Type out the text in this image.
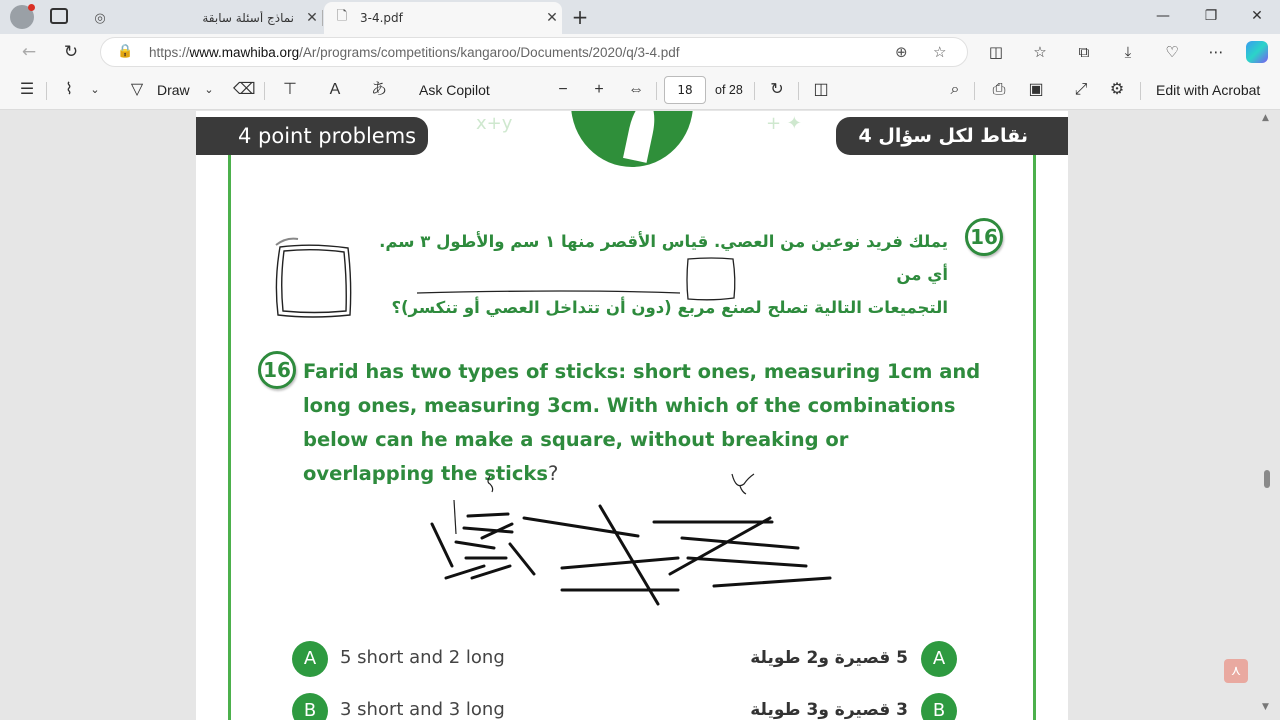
◎	نماذج أسئلة سابقة ✕	🗋	3-4.pdf	✕ +	—	❐	✕
←	↻	🔒 https://www.mawhiba.org/Ar/programs/competitions/kangaroo/Documents/2020/q/3-4.pdf	⊕ ☆	◫	☆	⧉	⤓	♡	⋯
☰	⌇	⌄	▽ Draw	⌄	⌫ ⊤	A	あ Ask Copilot	−	+	⇔	18	of 28 ↻ ◫	⌕	⎙ ▣ ⤢ ⚙ Edit with Acrobat
x+y	+ ✦
4 point problems	4 نقاط لكل سؤال
16
يملك فريد نوعين من العصي. قياس الأقصر منها ١ سم والأطول ٣ سم. أي من
التجميعات التالية تصلح لصنع مربع (دون أن تتداخل العصي أو تنكسر)؟
16 Farid has two types of sticks: short ones, measuring 1cm and long ones, measuring 3cm. With which of the combinations below can he make a square, without breaking or overlapping the sticks?
A	5 short and 2 long	5 قصيرة و2 طويلة	A
B	3 short and 3 long	3 قصيرة و3 طويلة	B
▲
▼
⋏
